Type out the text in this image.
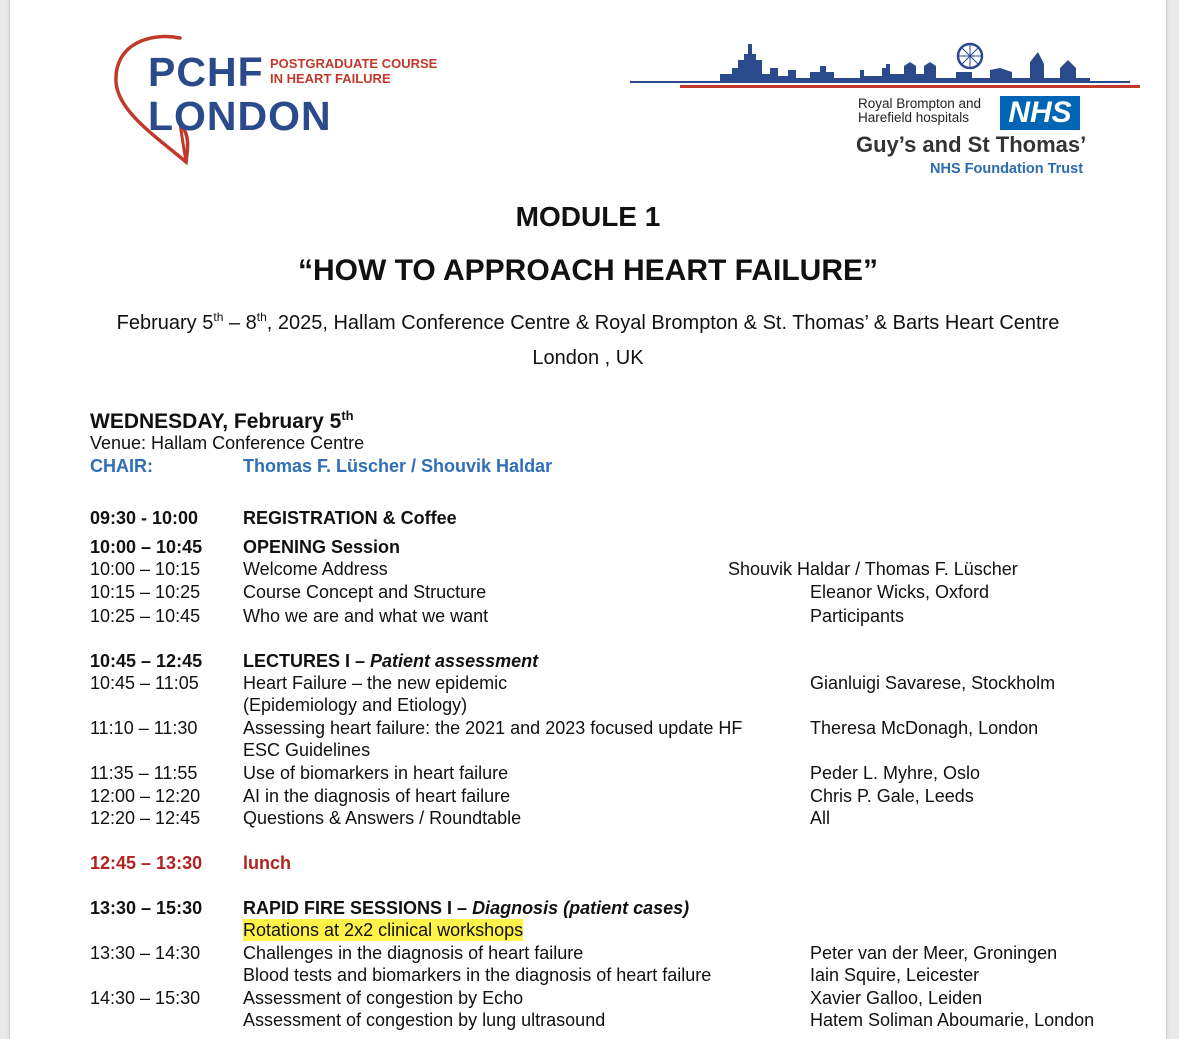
PCHF
LONDON
POSTGRADUATE COURSE
IN HEART FAILURE
Royal Brompton and
Harefield hospitals	NHS
Guy’s and St Thomas’
NHS Foundation Trust
MODULE 1
“HOW TO APPROACH HEART FAILURE”
February 5th – 8th, 2025, Hallam Conference Centre & Royal Brompton & St. Thomas’ & Barts Heart Centre
London , UK
WEDNESDAY, February 5th
Venue: Hallam Conference Centre
CHAIR:	Thomas F. Lüscher / Shouvik Haldar
09:30 - 10:00 REGISTRATION & Coffee
10:00 – 10:45 OPENING Session
10:00 – 10:15 Welcome Address	Shouvik Haldar / Thomas F. Lüscher
10:15 – 10:25 Course Concept and Structure	Eleanor Wicks, Oxford
10:25 – 10:45 Who we are and what we want	Participants
10:45 – 12:45 LECTURES I – Patient assessment
10:45 – 11:05 Heart Failure – the new epidemic	Gianluigi Savarese, Stockholm
(Epidemiology and Etiology)
11:10 – 11:30	Assessing heart failure: the 2021 and 2023 focused update HF	Theresa McDonagh, London
ESC Guidelines
11:35 – 11:55	Use of biomarkers in heart failure	Peder L. Myhre, Oslo
12:00 – 12:20 AI in the diagnosis of heart failure	Chris P. Gale, Leeds
12:20 – 12:45 Questions & Answers / Roundtable	All
12:45 – 13:30 lunch
13:30 – 15:30 RAPID FIRE SESSIONS I – Diagnosis (patient cases)
Rotations at 2x2 clinical workshops
13:30 – 14:30 Challenges in the diagnosis of heart failure	Peter van der Meer, Groningen
Blood tests and biomarkers in the diagnosis of heart failure	Iain Squire, Leicester
14:30 – 15:30 Assessment of congestion by Echo	Xavier Galloo, Leiden
Assessment of congestion by lung ultrasound	Hatem Soliman Aboumarie, London
